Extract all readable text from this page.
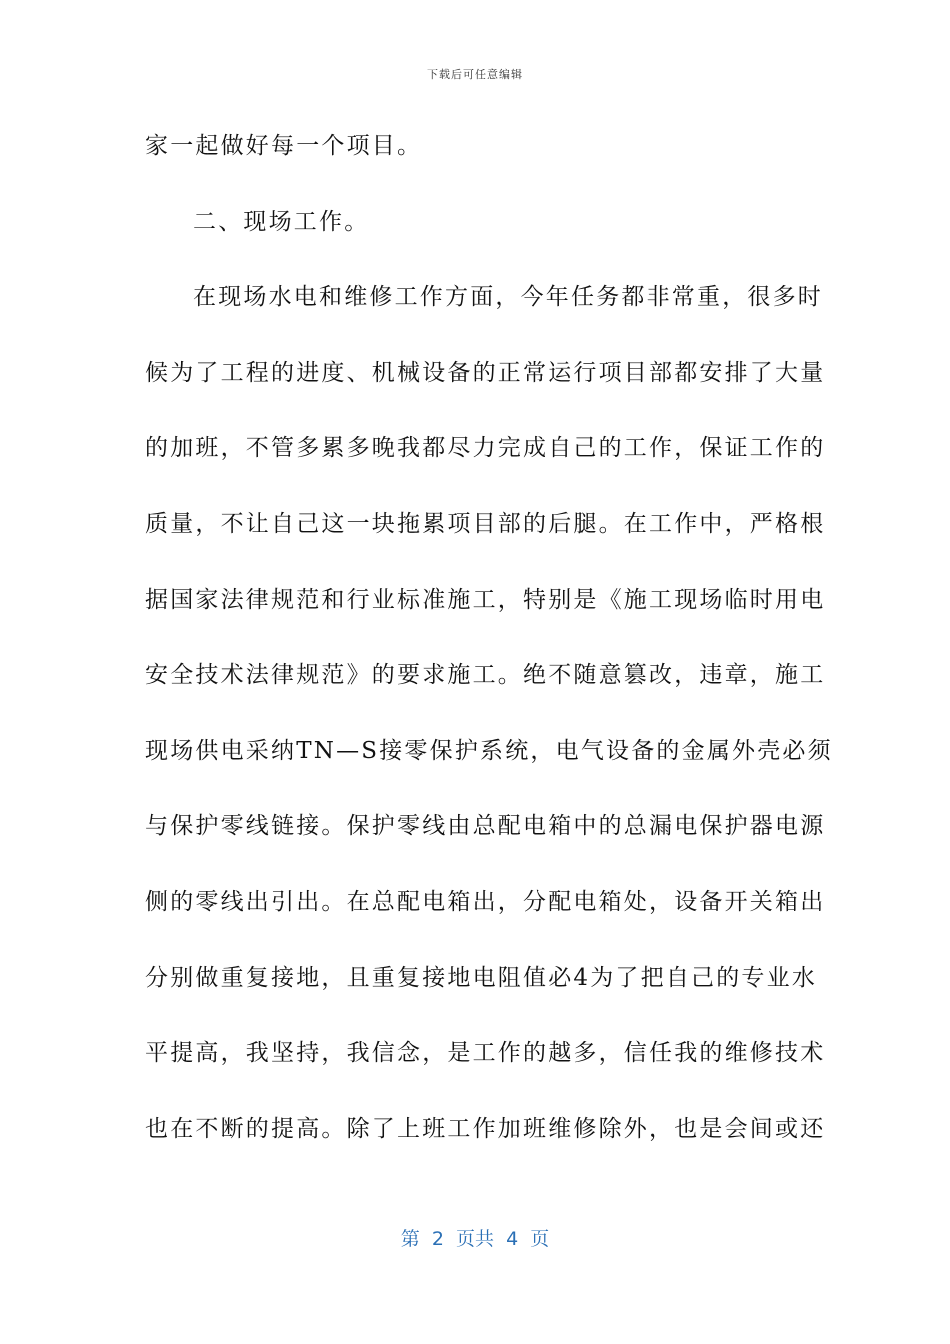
下载后可任意编辑
家一起做好每一个项目。
二、现场工作。
在现场水电和维修工作方面，今年任务都非常重，很多时
候为了工程的进度、机械设备的正常运行项目部都安排了大量
的加班，不管多累多晚我都尽力完成自己的工作，保证工作的
质量，不让自己这一块拖累项目部的后腿。在工作中，严格根
据国家法律规范和行业标准施工，特别是《施工现场临时用电
安全技术法律规范》的要求施工。绝不随意篡改，违章，施工
现场供电采纳TN—S接零保护系统，电气设备的金属外壳必须
与保护零线链接。保护零线由总配电箱中的总漏电保护器电源
侧的零线出引出。在总配电箱出，分配电箱处，设备开关箱出
分别做重复接地，且重复接地电阻值必4为了把自己的专业水
平提高，我坚持，我信念，是工作的越多，信任我的维修技术
也在不断的提高。除了上班工作加班维修除外，也是会间或还
第  2  页共  4  页
